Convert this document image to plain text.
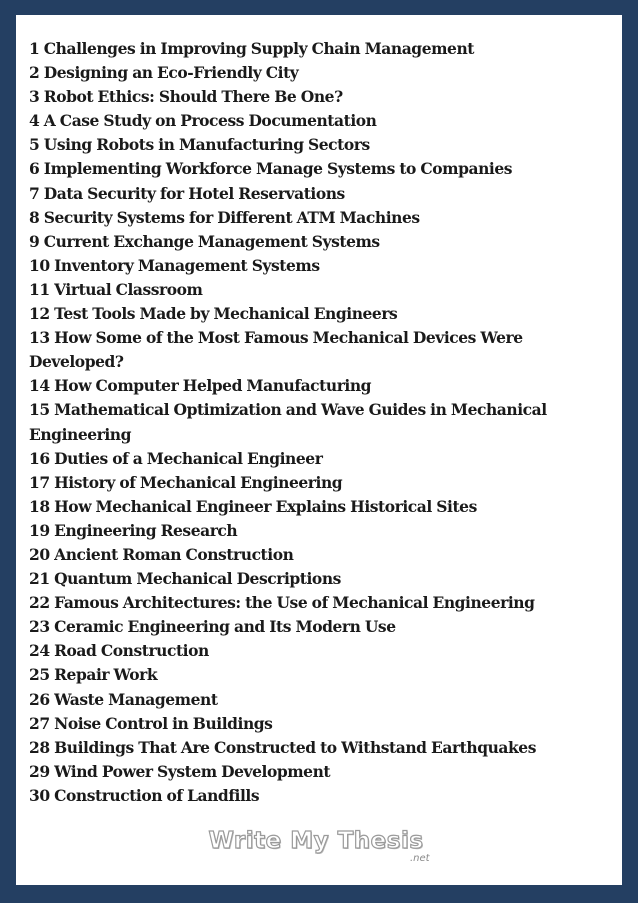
1 Challenges in Improving Supply Chain Management
2 Designing an Eco-Friendly City
3 Robot Ethics: Should There Be One?
4 A Case Study on Process Documentation
5 Using Robots in Manufacturing Sectors
6 Implementing Workforce Manage Systems to Companies
7 Data Security for Hotel Reservations
8 Security Systems for Different ATM Machines
9 Current Exchange Management Systems
10 Inventory Management Systems
11 Virtual Classroom
12 Test Tools Made by Mechanical Engineers
13 How Some of the Most Famous Mechanical Devices Were Developed?
14 How Computer Helped Manufacturing
15 Mathematical Optimization and Wave Guides in Mechanical Engineering
16 Duties of a Mechanical Engineer
17 History of Mechanical Engineering
18 How Mechanical Engineer Explains Historical Sites
19 Engineering Research
20 Ancient Roman Construction
21 Quantum Mechanical Descriptions
22 Famous Architectures: the Use of Mechanical Engineering
23 Ceramic Engineering and Its Modern Use
24 Road Construction
25 Repair Work
26 Waste Management
27 Noise Control in Buildings
28 Buildings That Are Constructed to Withstand Earthquakes
29 Wind Power System Development
30 Construction of Landfills
Write My Thesis
.net
